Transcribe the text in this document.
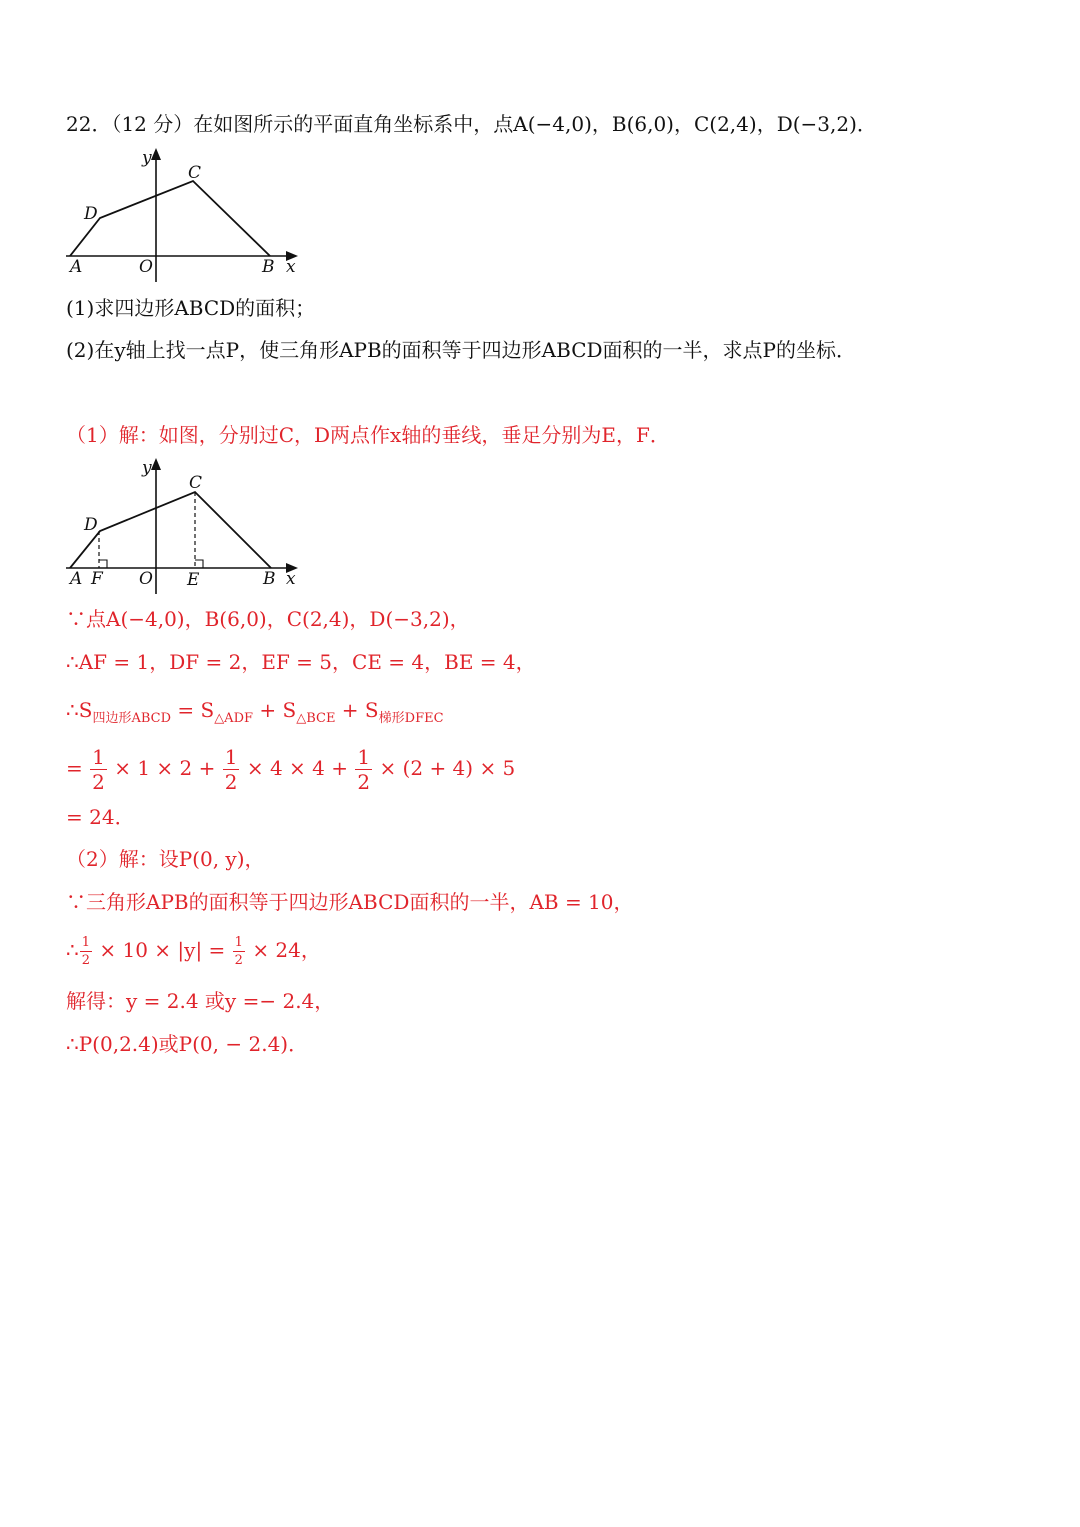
22．（12 分）在如图所示的平面直角坐标系中，点A(−4,0)，B(6,0)，C(2,4)，D(−3,2)．
y
C
D
A	O	B x
(1)求四边形ABCD的面积；
(2)在y轴上找一点P，使三角形APB的面积等于四边形ABCD面积的一半，求点P的坐标．
（1）解：如图，分别过C，D两点作x轴的垂线，垂足分别为E，F．
y
C
D
A F O E	B x
∵点A(−4,0)，B(6,0)，C(2,4)，D(−3,2)，
∴AF = 1，DF = 2，EF = 5，CE = 4，BE = 4，
$\therefore S_{四边形ABCD} = S_{\triangle ADF} + S_{\triangle BCE} + S_{梯形DFEC}$
= $\frac{1}{2} \times 1 \times 2 + \frac{1}{2} \times 4 \times 4 + \frac{1}{2} \times (2 + 4) \times 5$
= 24．
（2）解：设P(0, y)，
∵三角形APB的面积等于四边形ABCD面积的一半，AB = 10，
∴ $\frac{1}{2} \times 10 \times |y| = \frac{1}{2} \times 24$，
解得：y = 2.4 或y =− 2.4，
∴P(0,2.4)或P(0, − 2.4)．
